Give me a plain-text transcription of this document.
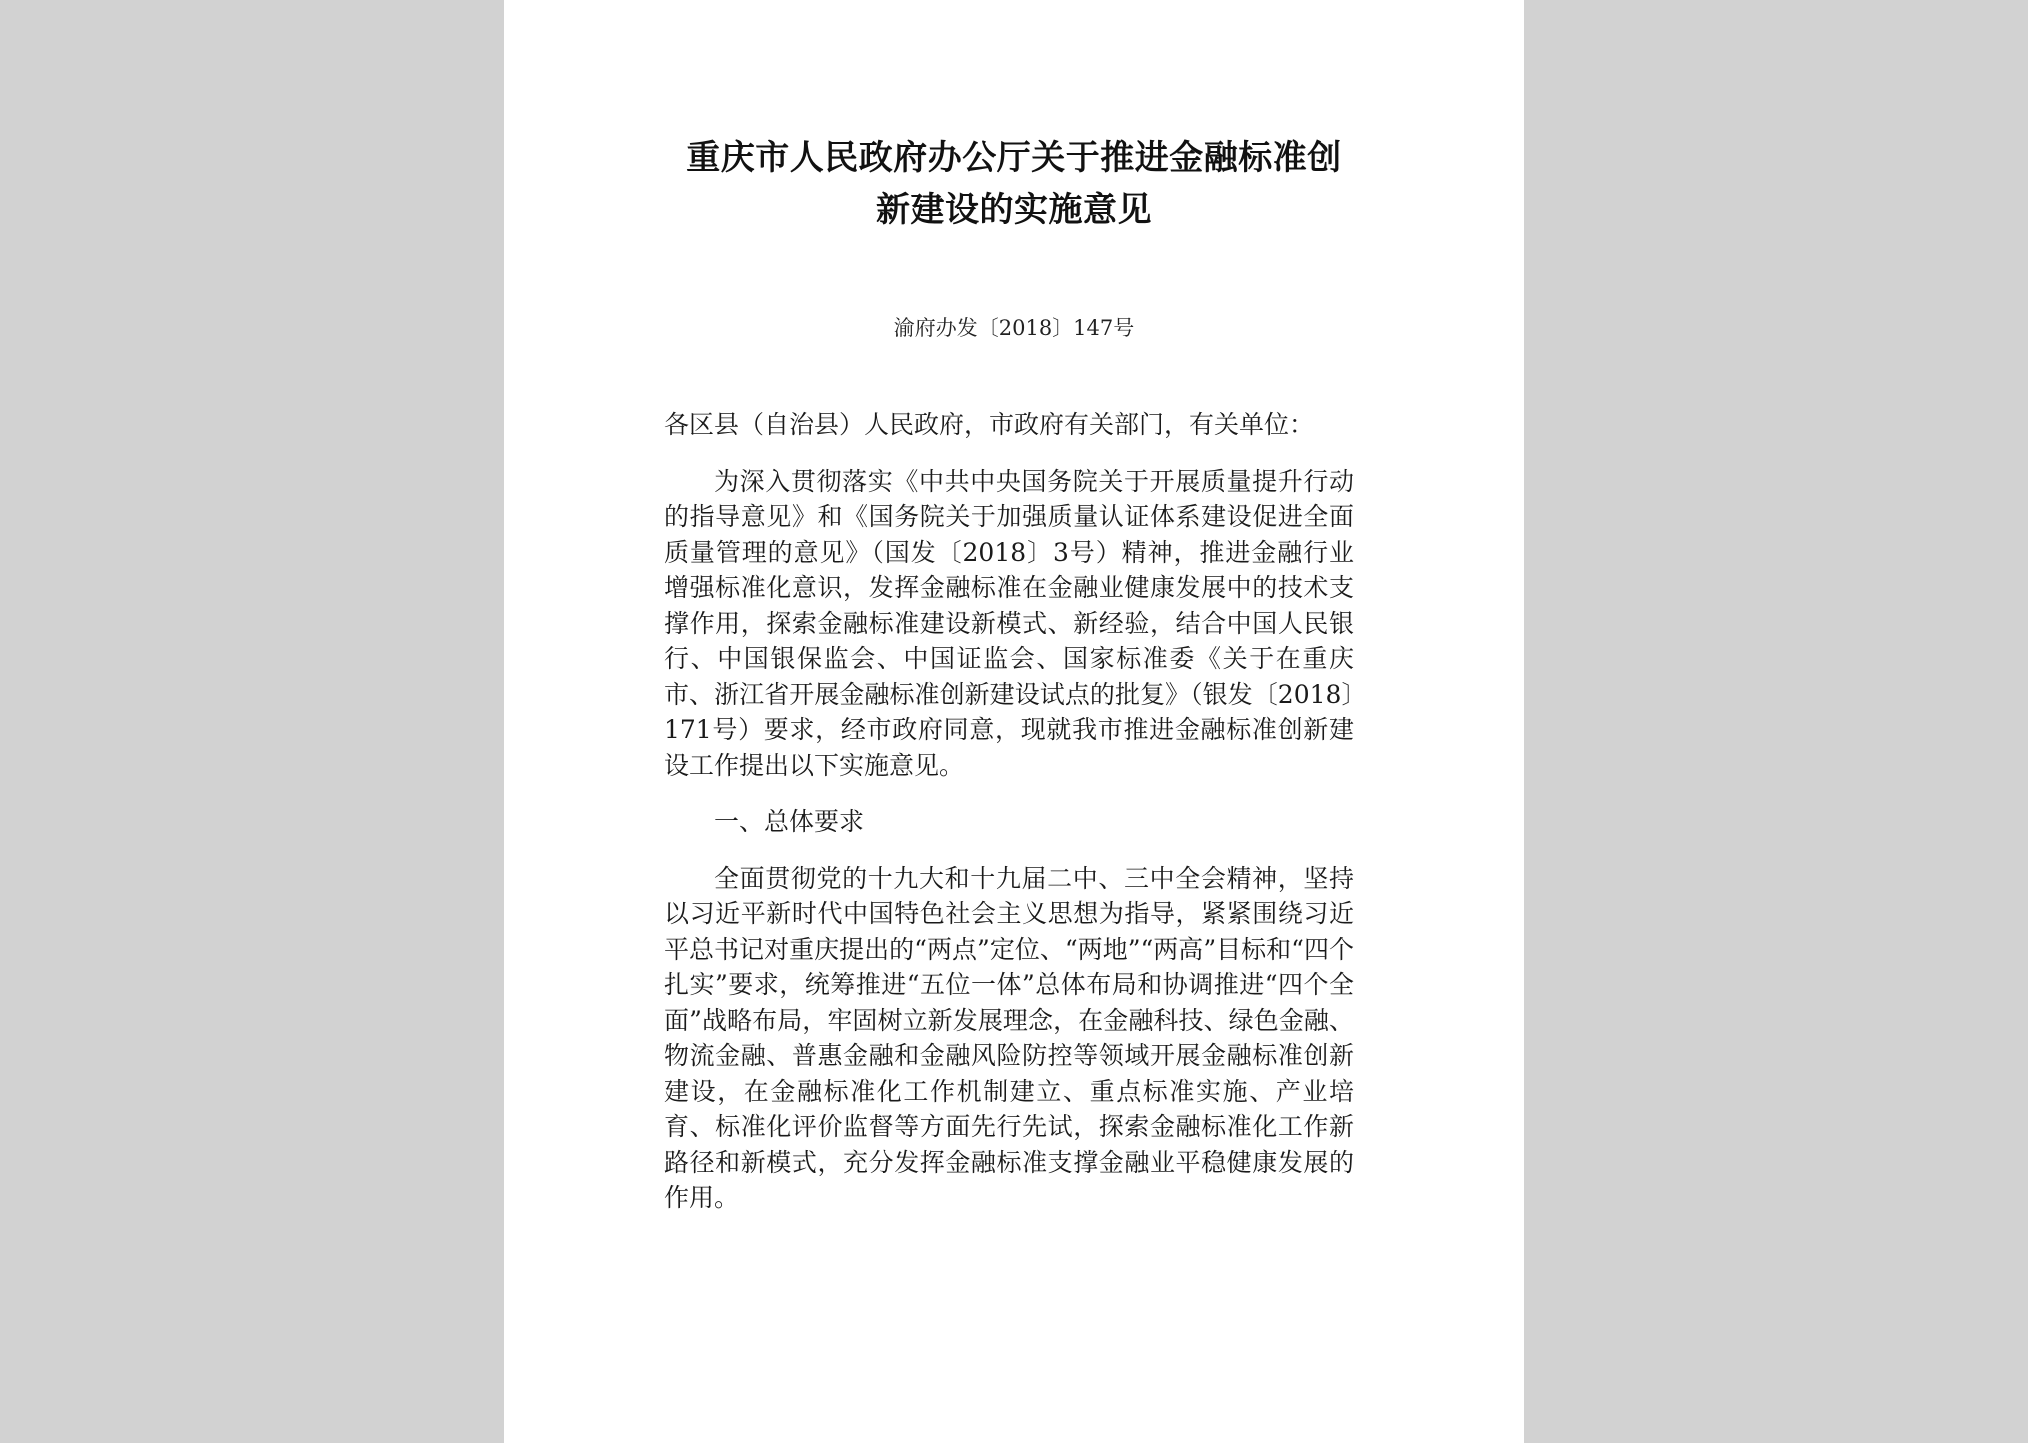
重庆市人民政府办公厅关于推进金融标准创
新建设的实施意见
渝府办发〔2018〕147号

各区县（自治县）人民政府，市政府有关部门，有关单位：

为深入贯彻落实《中共中央国务院关于开展质量提升行动的指导意见》和《国务院关于加强质量认证体系建设促进全面质量管理的意见》（国发〔2018〕3号）精神，推进金融行业增强标准化意识，发挥金融标准在金融业健康发展中的技术支撑作用，探索金融标准建设新模式、新经验，结合中国人民银行、中国银保监会、中国证监会、国家标准委《关于在重庆市、浙江省开展金融标准创新建设试点的批复》（银发〔2018〕171号）要求，经市政府同意，现就我市推进金融标准创新建设工作提出以下实施意见。

一、总体要求

全面贯彻党的十九大和十九届二中、三中全会精神，坚持以习近平新时代中国特色社会主义思想为指导，紧紧围绕习近平总书记对重庆提出的“两点”定位、“两地”“两高”目标和“四个扎实”要求，统筹推进“五位一体”总体布局和协调推进“四个全面”战略布局，牢固树立新发展理念，在金融科技、绿色金融、物流金融、普惠金融和金融风险防控等领域开展金融标准创新建设，在金融标准化工作机制建立、重点标准实施、产业培育、标准化评价监督等方面先行先试，探索金融标准化工作新路径和新模式，充分发挥金融标准支撑金融业平稳健康发展的作用。
